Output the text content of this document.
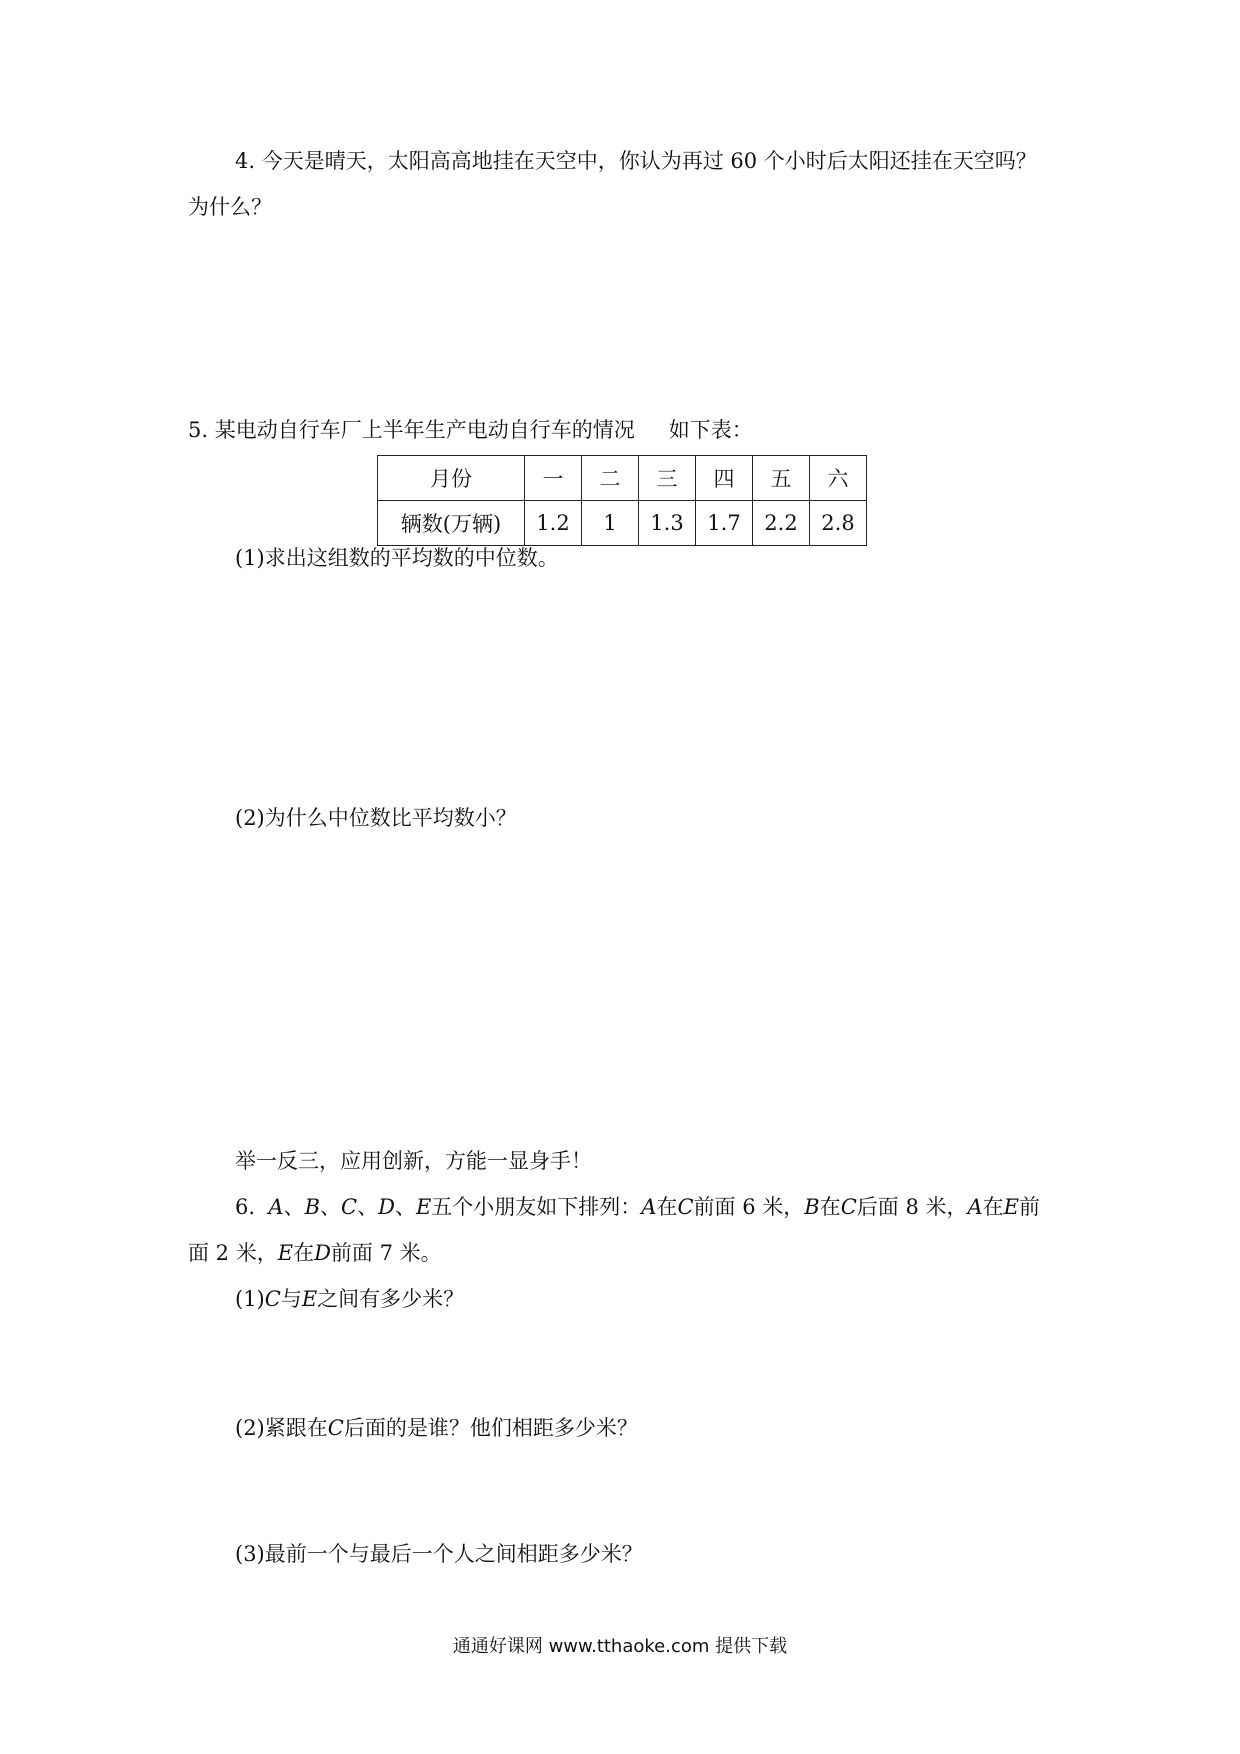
4. 今天是晴天，太阳高高地挂在天空中，你认为再过 60 个小时后太阳还挂在天空吗？
为什么？
5. 某电动自行车厂上半年生产电动自行车的情况 如下表：
月份	一	二	三	四	五	六
辆数(万辆)	1.2	1	1.3	1.7	2.2	2.8
(1)求出这组数的平均数的中位数。
(2)为什么中位数比平均数小？
举一反三，应用创新，方能一显身手！
6. A、B、C、D、E五个小朋友如下排列：A在C前面 6 米，B在C后面 8 米，A在E前
面 2 米，E在D前面 7 米。
(1)C与E之间有多少米？
(2)紧跟在C后面的是谁？他们相距多少米？
(3)最前一个与最后一个人之间相距多少米？
通通好课网 www.tthaoke.com 提供下载
